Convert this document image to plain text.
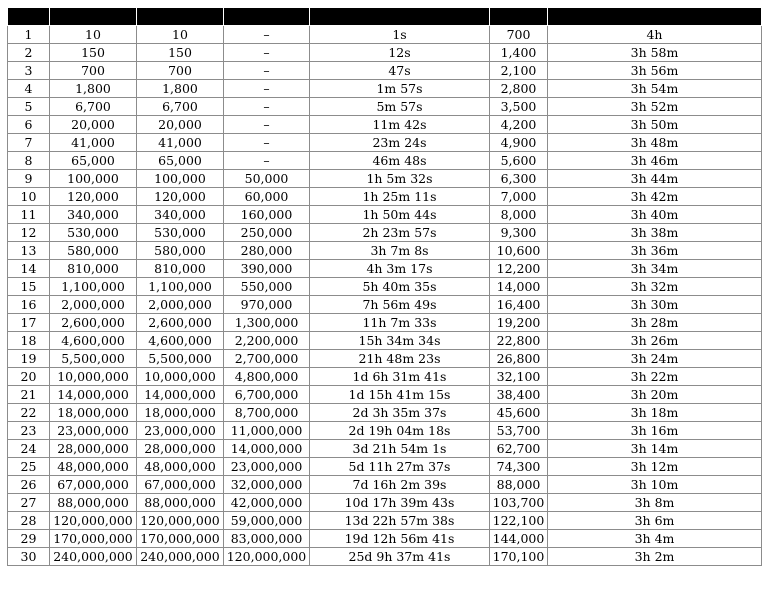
1	10	10	–	1s	700	4h
2	150	150	–	12s	1,400	3h 58m
3	700	700	–	47s	2,100	3h 56m
4	1,800	1,800	–	1m 57s	2,800	3h 54m
5	6,700	6,700	–	5m 57s	3,500	3h 52m
6	20,000	20,000	–	11m 42s	4,200	3h 50m
7	41,000	41,000	–	23m 24s	4,900	3h 48m
8	65,000	65,000	–	46m 48s	5,600	3h 46m
9	100,000	100,000	50,000	1h 5m 32s	6,300	3h 44m
10	120,000	120,000	60,000	1h 25m 11s	7,000	3h 42m
11	340,000	340,000	160,000	1h 50m 44s	8,000	3h 40m
12	530,000	530,000	250,000	2h 23m 57s	9,300	3h 38m
13	580,000	580,000	280,000	3h 7m 8s	10,600	3h 36m
14	810,000	810,000	390,000	4h 3m 17s	12,200	3h 34m
15	1,100,000	1,100,000	550,000	5h 40m 35s	14,000	3h 32m
16	2,000,000	2,000,000	970,000	7h 56m 49s	16,400	3h 30m
17	2,600,000	2,600,000	1,300,000	11h 7m 33s	19,200	3h 28m
18	4,600,000	4,600,000	2,200,000	15h 34m 34s	22,800	3h 26m
19	5,500,000	5,500,000	2,700,000	21h 48m 23s	26,800	3h 24m
20	10,000,000	10,000,000	4,800,000	1d 6h 31m 41s	32,100	3h 22m
21	14,000,000	14,000,000	6,700,000	1d 15h 41m 15s	38,400	3h 20m
22	18,000,000	18,000,000	8,700,000	2d 3h 35m 37s	45,600	3h 18m
23	23,000,000	23,000,000	11,000,000	2d 19h 04m 18s	53,700	3h 16m
24	28,000,000	28,000,000	14,000,000	3d 21h 54m 1s	62,700	3h 14m
25	48,000,000	48,000,000	23,000,000	5d 11h 27m 37s	74,300	3h 12m
26	67,000,000	67,000,000	32,000,000	7d 16h 2m 39s	88,000	3h 10m
27	88,000,000	88,000,000	42,000,000	10d 17h 39m 43s	103,700	3h 8m
28	120,000,000	120,000,000	59,000,000	13d 22h 57m 38s	122,100	3h 6m
29	170,000,000	170,000,000	83,000,000	19d 12h 56m 41s	144,000	3h 4m
30	240,000,000	240,000,000	120,000,000	25d 9h 37m 41s	170,100	3h 2m
